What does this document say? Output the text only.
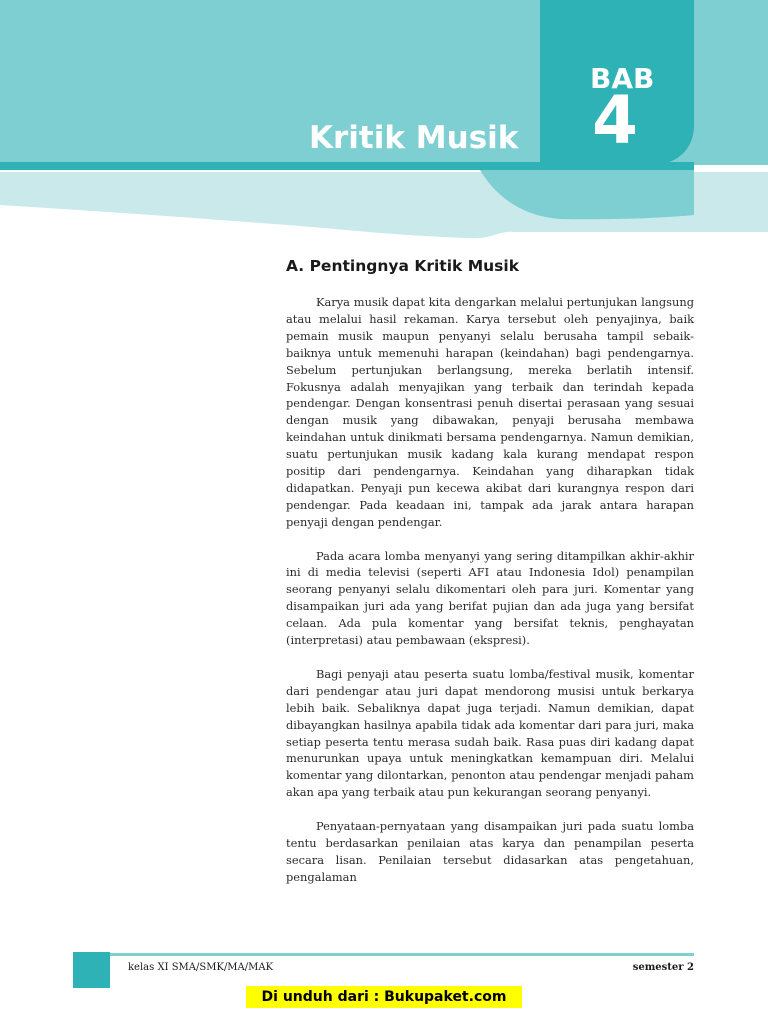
Kritik Musik
BAB
4
A. Pentingnya Kritik Musik

Karya musik dapat kita dengarkan melalui pertunjukan langsung atau melalui hasil rekaman. Karya tersebut oleh penyajinya, baik pemain musik maupun penyanyi selalu berusaha tampil sebaik- baiknya untuk memenuhi harapan (keindahan) bagi pendengarnya. Sebelum pertunjukan berlangsung, mereka berlatih intensif. Fokusnya adalah menyajikan yang terbaik dan terindah kepada pendengar. Dengan konsentrasi penuh disertai perasaan yang sesuai dengan musik yang dibawakan, penyaji berusaha membawa keindahan untuk dinikmati bersama pendengarnya. Namun demikian, suatu pertunjukan musik kadang kala kurang mendapat respon positip dari pendengarnya. Keindahan yang diharapkan tidak didapatkan. Penyaji pun kecewa akibat dari kurangnya respon dari pendengar. Pada keadaan ini, tampak ada jarak antara harapan penyaji dengan pendengar.

Pada acara lomba menyanyi yang sering ditampilkan akhir-akhir ini di media televisi (seperti AFI atau Indonesia Idol) penampilan seorang penyanyi selalu dikomentari oleh para juri. Komentar yang disampaikan juri ada yang berifat pujian dan ada juga yang bersifat celaan. Ada pula komentar yang bersifat teknis, penghayatan (interpretasi) atau pembawaan (ekspresi).

Bagi penyaji atau peserta suatu lomba/festival musik, komentar dari pendengar atau juri dapat mendorong musisi untuk berkarya lebih baik. Sebaliknya dapat juga terjadi. Namun demikian, dapat dibayangkan hasilnya apabila tidak ada komentar dari para juri, maka setiap peserta tentu merasa sudah baik. Rasa puas diri kadang dapat menurunkan upaya untuk meningkatkan kemampuan diri. Melalui komentar yang dilontarkan, penonton atau pendengar menjadi paham akan apa yang terbaik atau pun kekurangan seorang penyanyi.

Penyataan-pernyataan yang disampaikan juri pada suatu lomba tentu berdasarkan penilaian atas karya dan penampilan peserta secara lisan. Penilaian tersebut didasarkan atas pengetahuan, pengalaman

kelas XI SMA/SMK/MA/MAK	semester 2
Di unduh dari : Bukupaket.com
